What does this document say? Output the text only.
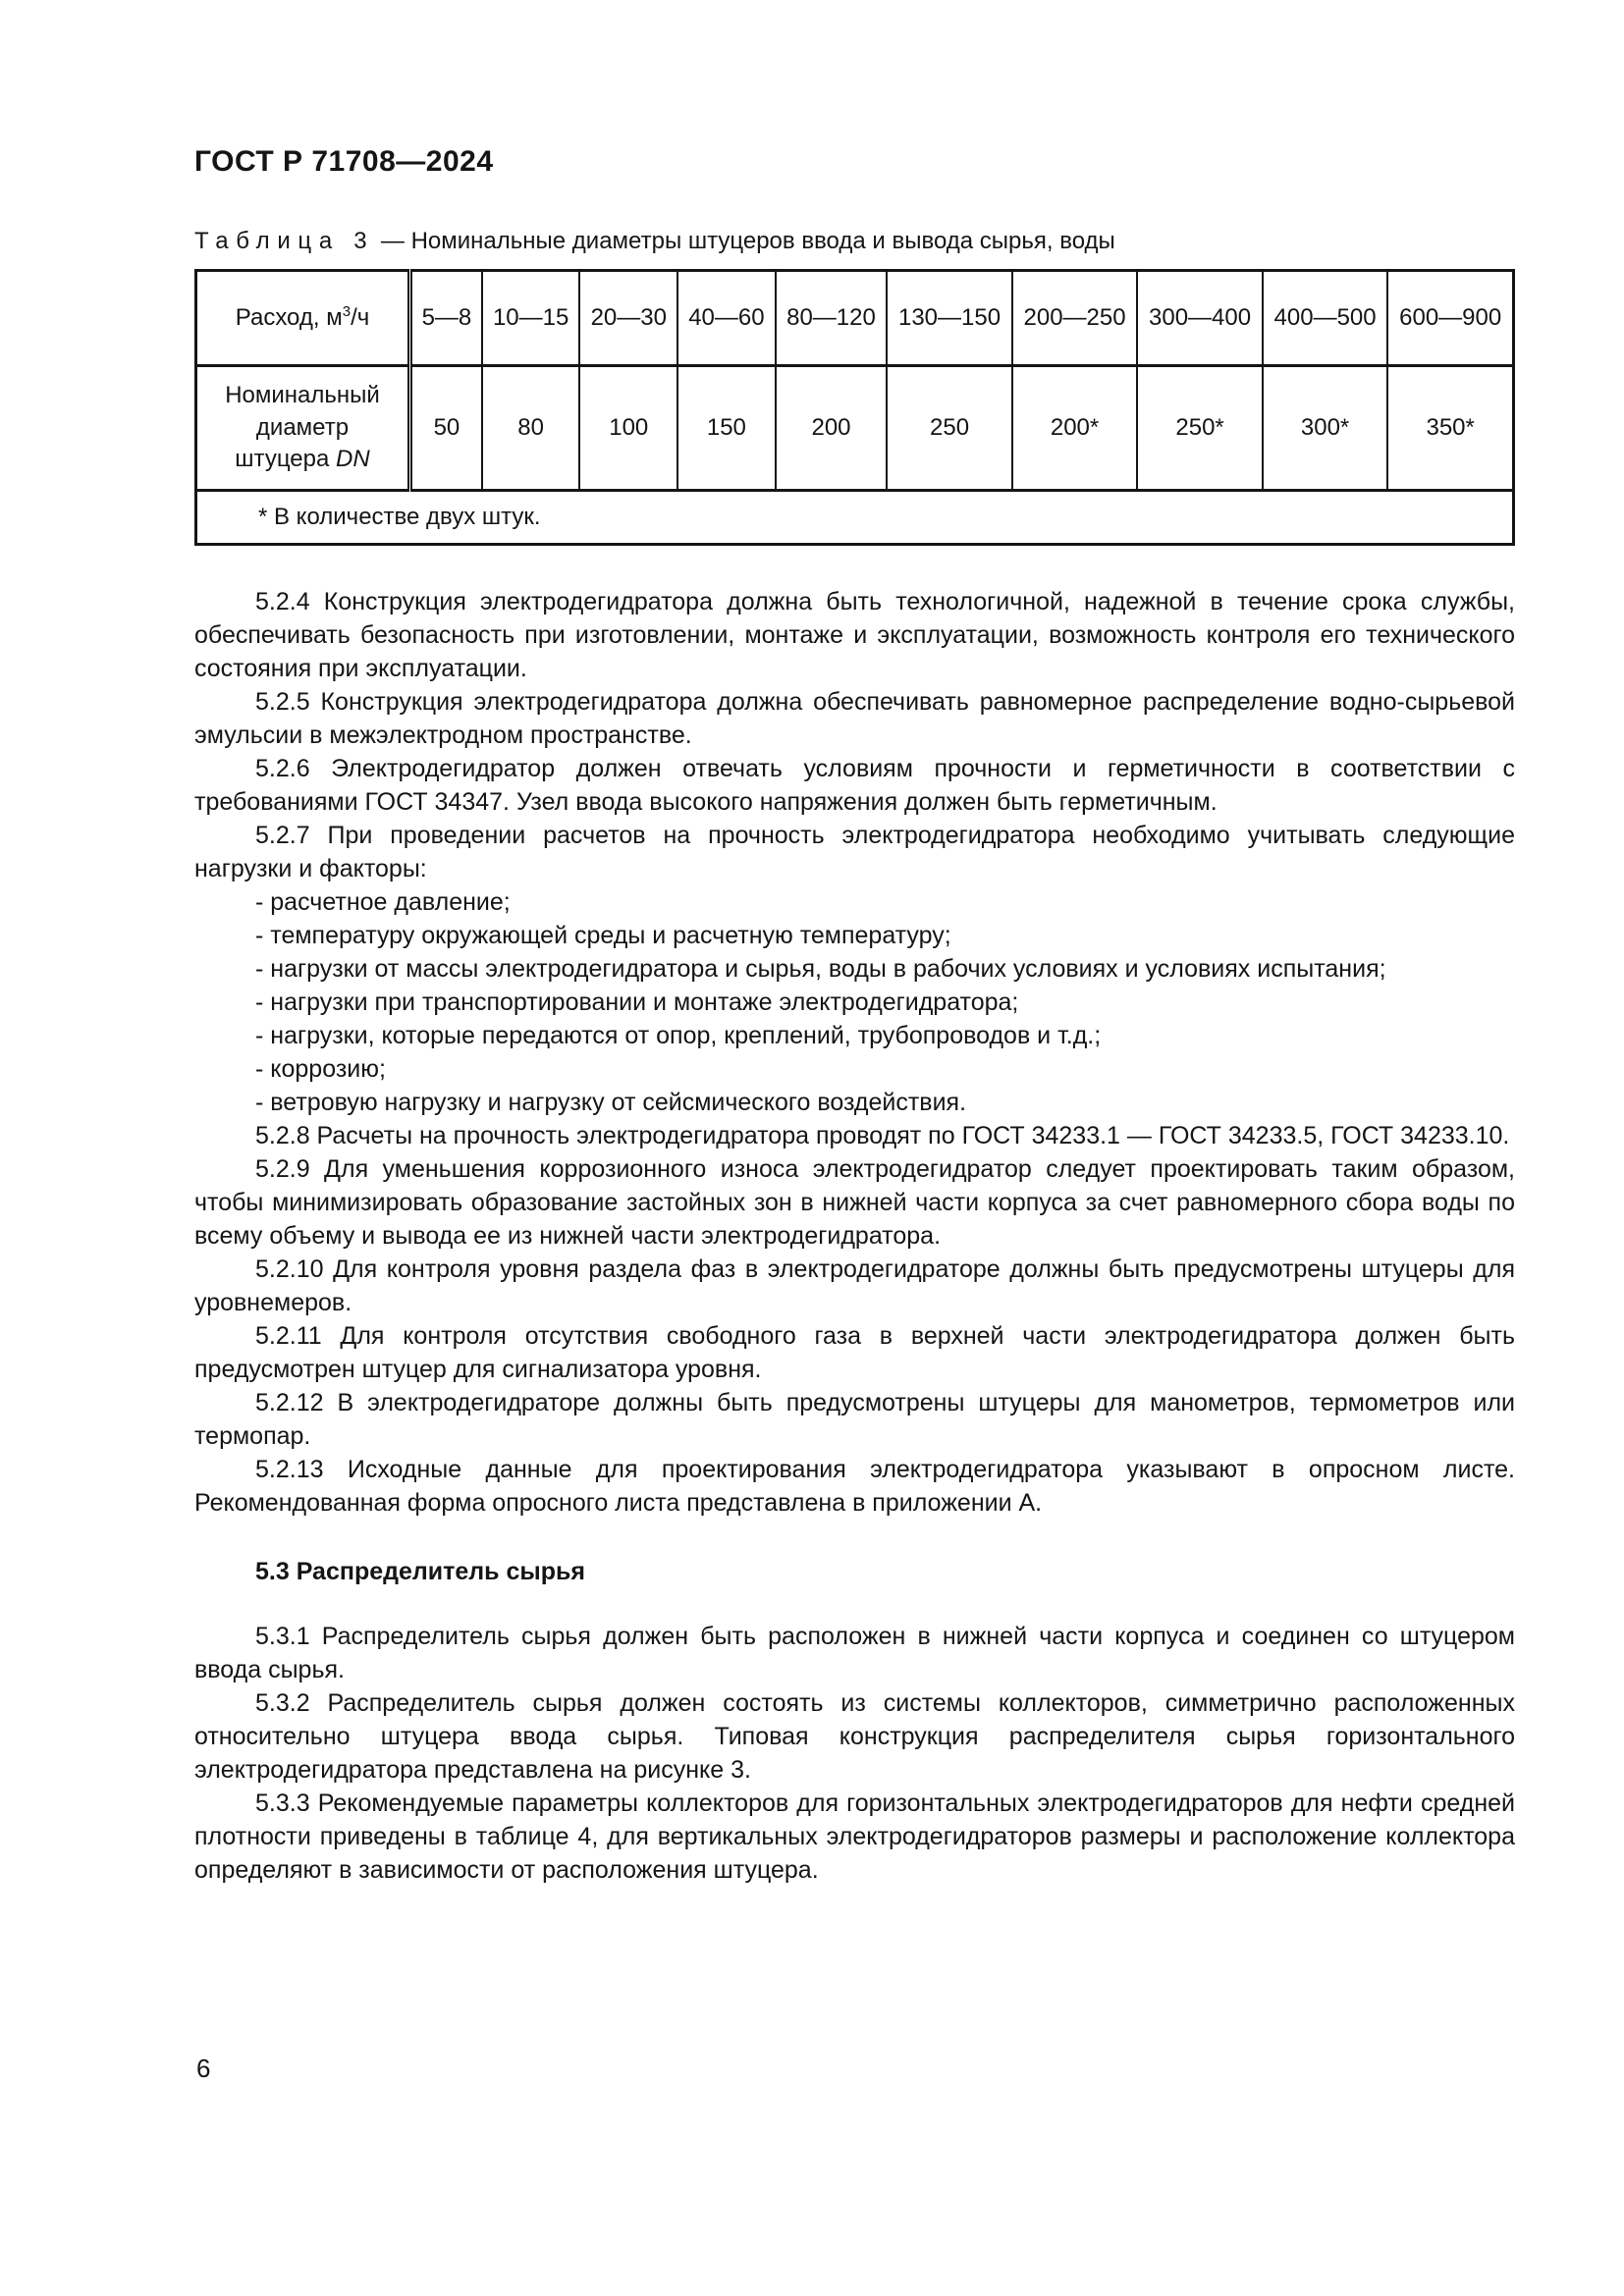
ГОСТ Р 71708—2024

Таблица 3 — Номинальные диаметры штуцеров ввода и вывода сырья, воды

Расход, $м^3/ч$	5—8	10—15	20—30	40—60	80—120	130—150	200—250	300—400	400—500	600—900
Номинальный диаметр штуцера DN	50	80	100	150	200	250	200*	250*	300*	350*
* В количестве двух штук.										

5.2.4 Конструкция электродегидратора должна быть технологичной, надежной в течение срока службы, обеспечивать безопасность при изготовлении, монтаже и эксплуатации, возможность контроля его технического состояния при эксплуатации.

5.2.5 Конструкция электродегидратора должна обеспечивать равномерное распределение водно-сырьевой эмульсии в межэлектродном пространстве.

5.2.6 Электродегидратор должен отвечать условиям прочности и герметичности в соответствии с требованиями ГОСТ 34347. Узел ввода высокого напряжения должен быть герметичным.

5.2.7 При проведении расчетов на прочность электродегидратора необходимо учитывать следующие нагрузки и факторы:

- расчетное давление;

- температуру окружающей среды и расчетную температуру;

- нагрузки от массы электродегидратора и сырья, воды в рабочих условиях и условиях испытания;

- нагрузки при транспортировании и монтаже электродегидратора;

- нагрузки, которые передаются от опор, креплений, трубопроводов и т.д.;

- коррозию;

- ветровую нагрузку и нагрузку от сейсмического воздействия.

5.2.8 Расчеты на прочность электродегидратора проводят по ГОСТ 34233.1 — ГОСТ 34233.5, ГОСТ 34233.10.

5.2.9 Для уменьшения коррозионного износа электродегидратор следует проектировать таким образом, чтобы минимизировать образование застойных зон в нижней части корпуса за счет равномерного сбора воды по всему объему и вывода ее из нижней части электродегидратора.

5.2.10 Для контроля уровня раздела фаз в электродегидраторе должны быть предусмотрены штуцеры для уровнемеров.

5.2.11 Для контроля отсутствия свободного газа в верхней части электродегидратора должен быть предусмотрен штуцер для сигнализатора уровня.

5.2.12 В электродегидраторе должны быть предусмотрены штуцеры для манометров, термометров или термопар.

5.2.13 Исходные данные для проектирования электродегидратора указывают в опросном листе. Рекомендованная форма опросного листа представлена в приложении А.

5.3 Распределитель сырья

5.3.1 Распределитель сырья должен быть расположен в нижней части корпуса и соединен со штуцером ввода сырья.

5.3.2 Распределитель сырья должен состоять из системы коллекторов, симметрично расположенных относительно штуцера ввода сырья. Типовая конструкция распределителя сырья горизонтального электродегидратора представлена на рисунке 3.

5.3.3 Рекомендуемые параметры коллекторов для горизонтальных электродегидраторов для нефти средней плотности приведены в таблице 4, для вертикальных электродегидраторов размеры и расположение коллектора определяют в зависимости от расположения штуцера.

6
